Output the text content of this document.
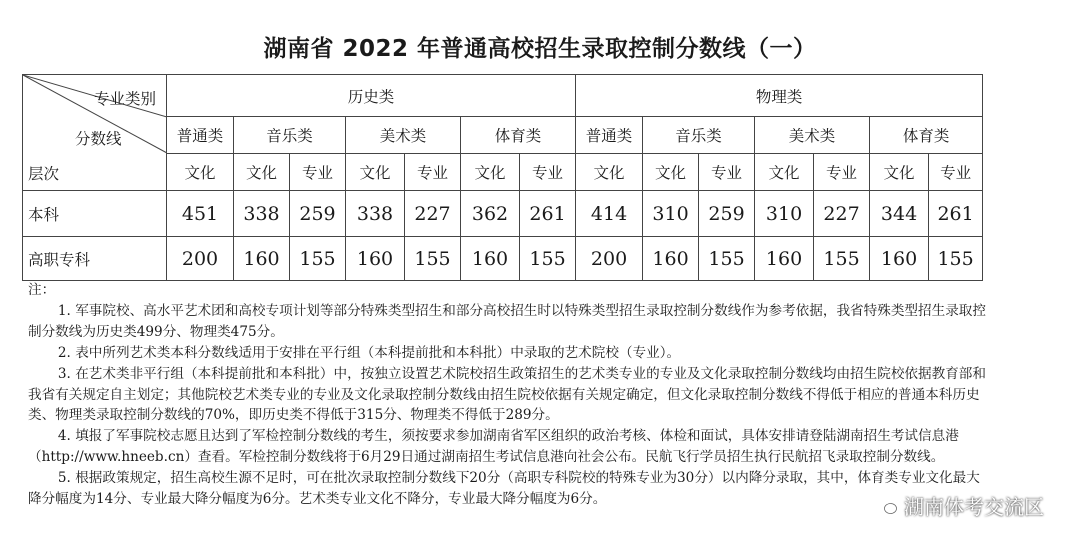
湖南省 2022 年普通高校招生录取控制分数线（一）
专业类别
分数线
层次	历史类							物理类						
	普通类	音乐类		美术类		体育类		普通类	音乐类		美术类		体育类	
	文化	文化	专业	文化	专业	文化	专业	文化	文化	专业	文化	专业	文化	专业
本科	451	338	259	338	227	362	261	414	310	259	310	227	344	261
高职专科	200	160	155	160	155	160	155	200	160	155	160	155	160	155

注：

1. 军事院校、高水平艺术团和高校专项计划等部分特殊类型招生和部分高校招生时以特殊类型招生录取控制分数线作为参考依据，我省特殊类型招生录取控制分数线为历史类499分、物理类475分。

2. 表中所列艺术类本科分数线适用于安排在平行组（本科提前批和本科批）中录取的艺术院校（专业）。

3. 在艺术类非平行组（本科提前批和本科批）中，按独立设置艺术院校招生政策招生的艺术类专业的专业及文化录取控制分数线均由招生院校依据教育部和我省有关规定自主划定；其他院校艺术类专业的专业及文化录取控制分数线由招生院校依据有关规定确定，但文化录取控制分数线不得低于相应的普通本科历史类、物理类录取控制分数线的70%，即历史类不得低于315分、物理类不得低于289分。

4. 填报了军事院校志愿且达到了军检控制分数线的考生，须按要求参加湖南省军区组织的政治考核、体检和面试，具体安排请登陆湖南招生考试信息港（http://www.hneeb.cn）查看。军检控制分数线将于6月29日通过湖南招生考试信息港向社会公布。民航飞行学员招生执行民航招飞录取控制分数线。

5. 根据政策规定，招生高校生源不足时，可在批次录取控制分数线下20分（高职专科院校的特殊专业为30分）以内降分录取，其中，体育类专业文化最大降分幅度为14分、专业最大降分幅度为6分。艺术类专业文化不降分，专业最大降分幅度为6分。	湖南体考交流区
